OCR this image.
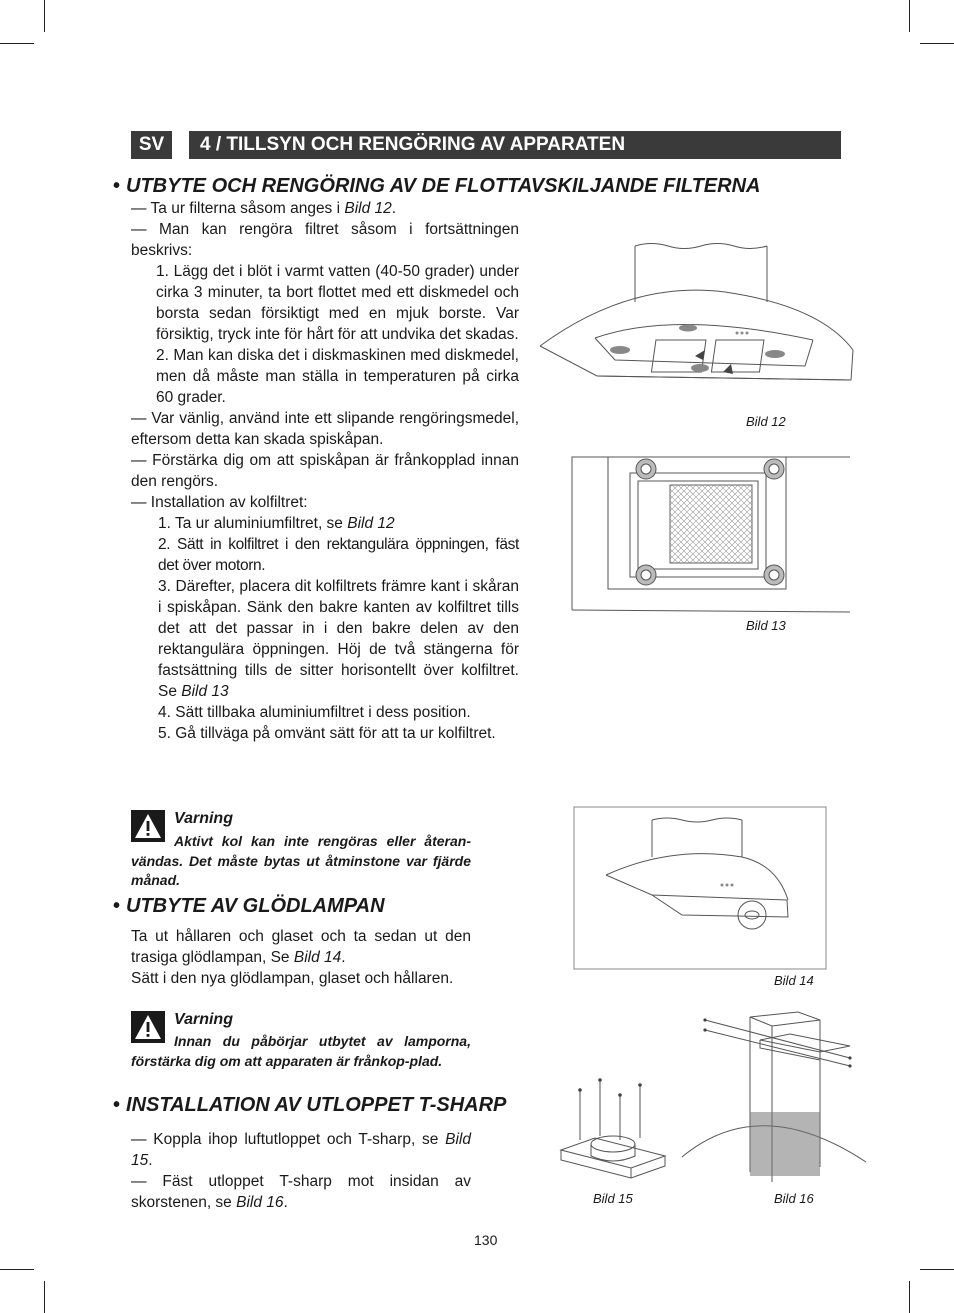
SV	4 / TILLSYN OCH RENGÖRING AV APPARATEN
• UTBYTE OCH RENGÖRING AV DE FLOTTAVSKILJANDE FILTERNA
— Ta ur filterna såsom anges i Bild 12.
— Man kan rengöra filtret såsom i fortsättningen beskrivs:
1. Lägg det i blöt i varmt vatten (40-50 grader) under cirka 3 minuter, ta bort flottet med ett diskmedel och borsta sedan försiktigt med en mjuk borste. Var försiktig, tryck inte för hårt för att undvika det skadas.
2. Man kan diska det i diskmaskinen med diskmedel, men då måste man ställa in temperaturen på cirka 60 grader.
— Var vänlig, använd inte ett slipande rengöringsmedel, eftersom detta kan skada spiskåpan.
— Förstärka dig om att spiskåpan är frånkopplad innan den rengörs.
— Installation av kolfiltret:
1. Ta ur aluminiumfiltret, se Bild 12
2. Sätt in kolfiltret i den rektangulära öppningen, fäst det över motorn.
3. Därefter, placera dit kolfiltrets främre kant i skåran i spiskåpan. Sänk den bakre kanten av kolfiltret tills det att det passar in i den bakre delen av den rektangulära öppningen. Höj de två stängerna för fastsättning tills de sitter horisontellt över kolfiltret. Se Bild 13
4. Sätt tillbaka aluminiumfiltret i dess position.
5. Gå tillväga på omvänt sätt för att ta ur kolfiltret.
Varning
Aktivt kol kan inte rengöras eller återan-vändas. Det måste bytas ut åtminstone var fjärde månad.
• UTBYTE AV GLÖDLAMPAN
Ta ut hållaren och glaset och ta sedan ut den trasiga glödlampan, Se Bild 14.
Sätt i den nya glödlampan, glaset och hållaren.
Varning
Innan du påbörjar utbytet av lamporna, förstärka dig om att apparaten är frånkop-plad.
• INSTALLATION AV UTLOPPET T-SHARP
— Koppla ihop luftutloppet och T-sharp, se Bild 15.
— Fäst utloppet T-sharp mot insidan av skorstenen, se Bild 16.
Bild 12
Bild 13
Bild 14
Bild 15	Bild 16
130
